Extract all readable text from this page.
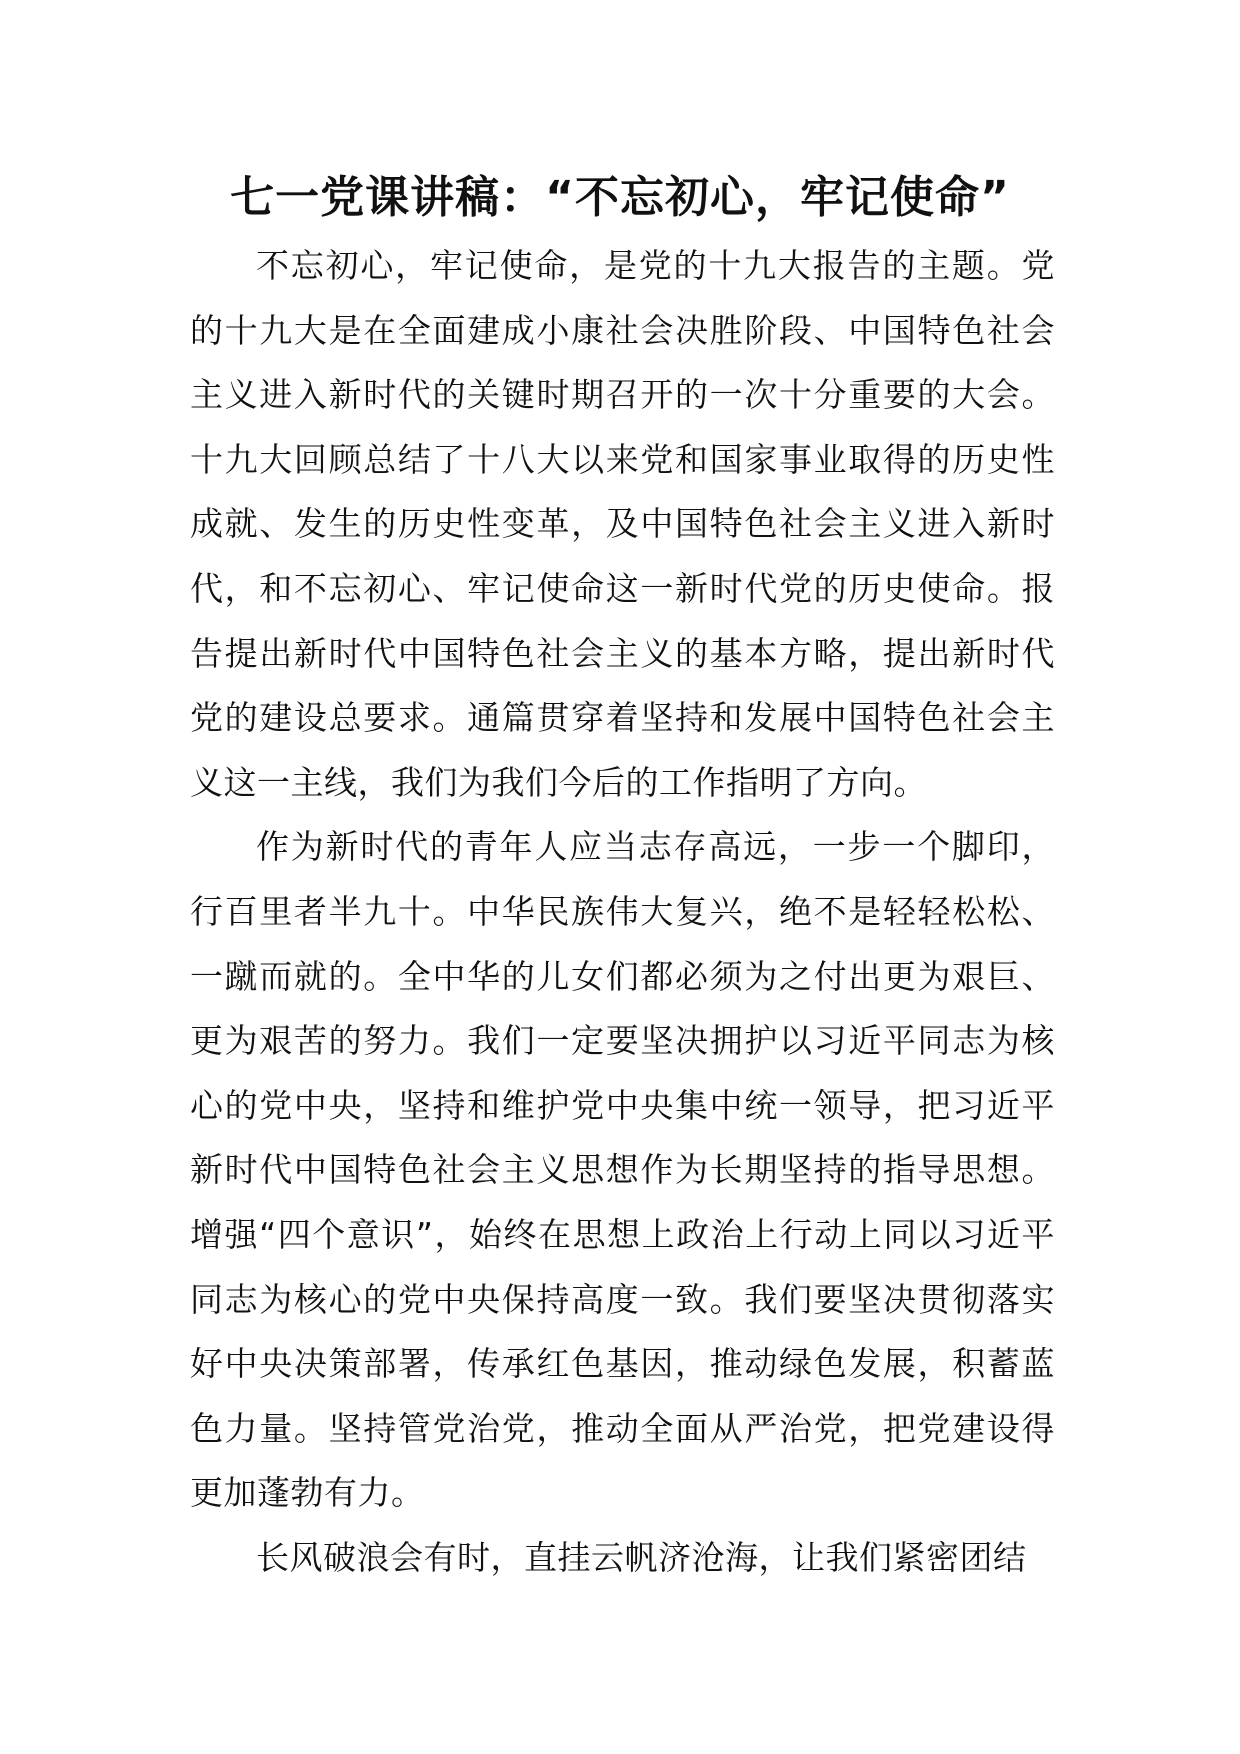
七一党课讲稿：“不忘初心，牢记使命”

不忘初心，牢记使命，是党的十九大报告的主题。党的十九大是在全面建成小康社会决胜阶段、中国特色社会主义进入新时代的关键时期召开的一次十分重要的大会。十九大回顾总结了十八大以来党和国家事业取得的历史性成就、发生的历史性变革，及中国特色社会主义进入新时代，和不忘初心、牢记使命这一新时代党的历史使命。报告提出新时代中国特色社会主义的基本方略，提出新时代党的建设总要求。通篇贯穿着坚持和发展中国特色社会主义这一主线，我们为我们今后的工作指明了方向。

作为新时代的青年人应当志存高远，一步一个脚印，行百里者半九十。中华民族伟大复兴，绝不是轻轻松松、一蹴而就的。全中华的儿女们都必须为之付出更为艰巨、更为艰苦的努力。我们一定要坚决拥护以习近平同志为核心的党中央，坚持和维护党中央集中统一领导，把习近平新时代中国特色社会主义思想作为长期坚持的指导思想。增强“四个意识”，始终在思想上政治上行动上同以习近平同志为核心的党中央保持高度一致。我们要坚决贯彻落实好中央决策部署，传承红色基因，推动绿色发展，积蓄蓝色力量。坚持管党治党，推动全面从严治党，把党建设得更加蓬勃有力。

长风破浪会有时，直挂云帆济沧海，让我们紧密团结
